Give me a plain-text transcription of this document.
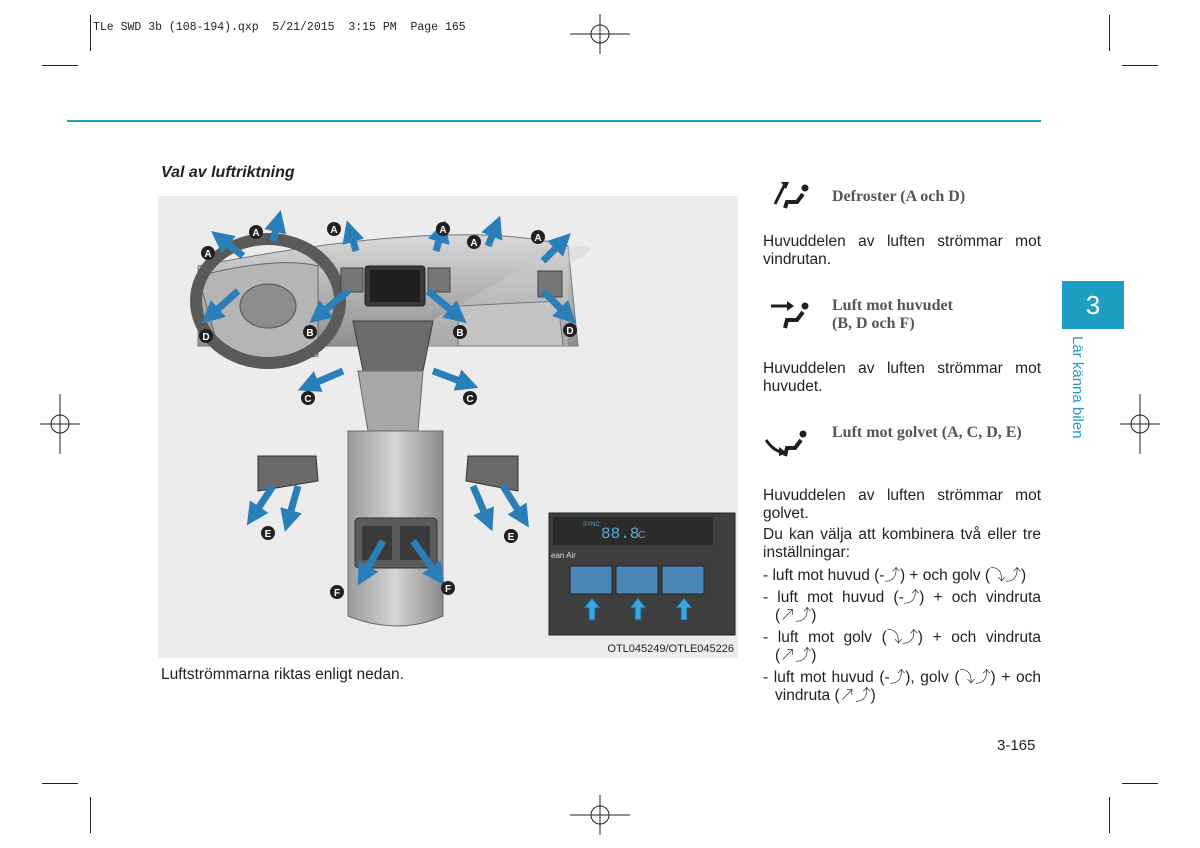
TLe SWD 3b (108-194).qxp  5/21/2015  3:15 PM  Page 165
Val av luftriktning
A
A	A	A
A	A
B	B
C	C
D
D
E	E
F	F
88.8
C
SYNC
ean Air
OTL045249/OTLE045226
Luftströmmarna riktas enligt nedan.
Defroster (A och D)
Huvuddelen av luften strömmar mot vindrutan.
Luft mot huvudet
(B, D och F)
Huvuddelen av luften strömmar mot huvudet.
Luft mot golvet (A, C, D, E)
Huvuddelen av luften strömmar mot golvet.
Du kan välja att kombinera två eller tre inställningar:
- luft mot huvud (-⤴) + och golv (⤵⤴)
- luft mot huvud (-⤴) + och vindruta (↗⤴)
- luft mot golv (⤵⤴) + och vindruta (↗⤴)
- luft mot huvud (-⤴), golv (⤵⤴) + och vindruta (↗⤴)
3
Lär känna bilen
3-165
